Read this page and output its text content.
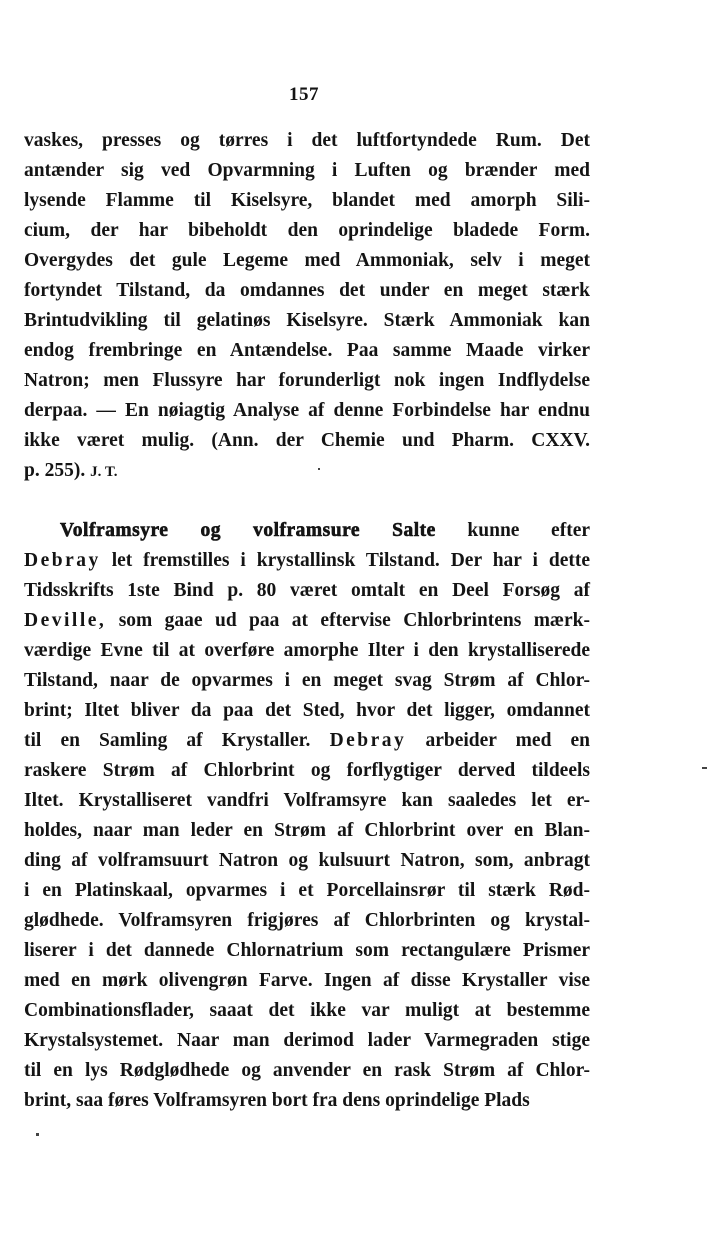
157
vaskes, presses og tørres i det luftfortyndede Rum. Det
antænder sig ved Opvarmning i Luften og brænder med
lysende Flamme til Kiselsyre, blandet med amorph Sili-
cium, der har bibeholdt den oprindelige bladede Form.
Overgydes det gule Legeme med Ammoniak, selv i meget
fortyndet Tilstand, da omdannes det under en meget stærk
Brintudvikling til gelatinøs Kiselsyre. Stærk Ammoniak kan
endog frembringe en Antændelse. Paa samme Maade virker
Natron; men Flussyre har forunderligt nok ingen Indflydelse
derpaa. — En nøiagtig Analyse af denne Forbindelse har endnu
ikke været mulig. (Ann. der Chemie und Pharm. CXXV.
p. 255). J. T.
Volframsyre og volframsure Salte kunne efter
Debray let fremstilles i krystallinsk Tilstand. Der har i dette
Tidsskrifts 1ste Bind p. 80 været omtalt en Deel Forsøg af
Deville, som gaae ud paa at eftervise Chlorbrintens mærk-
værdige Evne til at overføre amorphe Ilter i den krystalliserede
Tilstand, naar de opvarmes i en meget svag Strøm af Chlor-
brint; Iltet bliver da paa det Sted, hvor det ligger, omdannet
til en Samling af Krystaller. Debray arbeider med en
raskere Strøm af Chlorbrint og forflygtiger derved tildeels
Iltet. Krystalliseret vandfri Volframsyre kan saaledes let er-
holdes, naar man leder en Strøm af Chlorbrint over en Blan-
ding af volframsuurt Natron og kulsuurt Natron, som, anbragt
i en Platinskaal, opvarmes i et Porcellainsrør til stærk Rød-
glødhede. Volframsyren frigjøres af Chlorbrinten og krystal-
liserer i det dannede Chlornatrium som rectangulære Prismer
med en mørk olivengrøn Farve. Ingen af disse Krystaller vise
Combinationsflader, saaat det ikke var muligt at bestemme
Krystalsystemet. Naar man derimod lader Varmegraden stige
til en lys Rødglødhede og anvender en rask Strøm af Chlor-
brint, saa føres Volframsyren bort fra dens oprindelige Plads
